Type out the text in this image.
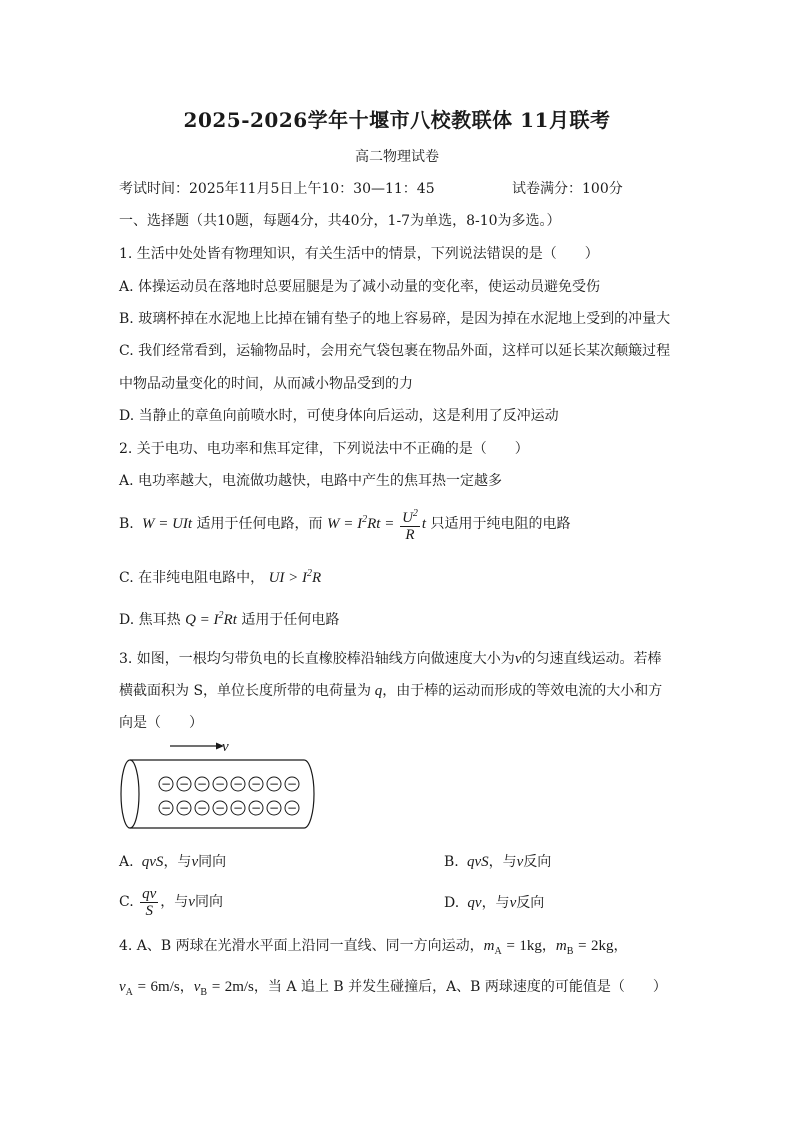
2025-2026学年十堰市八校教联体 11月联考
高二物理试卷
考试时间：2025年11月5日上午10：30—11：45	试卷满分：100分
一、选择题（共10题，每题4分，共40分，1-7为单选，8-10为多选。）
1. 生活中处处皆有物理知识，有关生活中的情景，下列说法错误的是（　　）
A. 体操运动员在落地时总要屈腿是为了减小动量的变化率，使运动员避免受伤
B. 玻璃杯掉在水泥地上比掉在铺有垫子的地上容易碎，是因为掉在水泥地上受到的冲量大
C. 我们经常看到，运输物品时，会用充气袋包裹在物品外面，这样可以延长某次颠簸过程
中物品动量变化的时间，从而减小物品受到的力
D. 当静止的章鱼向前喷水时，可使身体向后运动，这是利用了反冲运动
2. 关于电功、电功率和焦耳定律，下列说法中不正确的是（　　）
A. 电功率越大，电流做功越快，电路中产生的焦耳热一定越多
B.  W = UIt 适用于任何电路，而 $W = I^2Rt = \frac{U^2}{R}$ t 只适用于纯电阻的电路
C. 在非纯电阻电路中， UI > $I^2R$
D. 焦耳热 $Q = I^2Rt$ 适用于任何电路
3. 如图，一根均匀带负电的长直橡胶棒沿轴线方向做速度大小为v的匀速直线运动。若棒
横截面积为 S，单位长度所带的电荷量为 q，由于棒的运动而形成的等效电流的大小和方
向是（　　）
v
− − − − − − − −
− − − − − − − −
A.  qvS，与v同向	B.  qvS，与v反向
C. $\frac{qv}{S}$ ，与v同向	D.  qv，与v反向
4. A、B 两球在光滑水平面上沿同一直线、同一方向运动，$m_A = 1kg$，$m_B = 2kg$，
$v_A = 6m/s$，$v_B = 2m/s$，当 A 追上 B 并发生碰撞后，A、B 两球速度的可能值是（　　）
